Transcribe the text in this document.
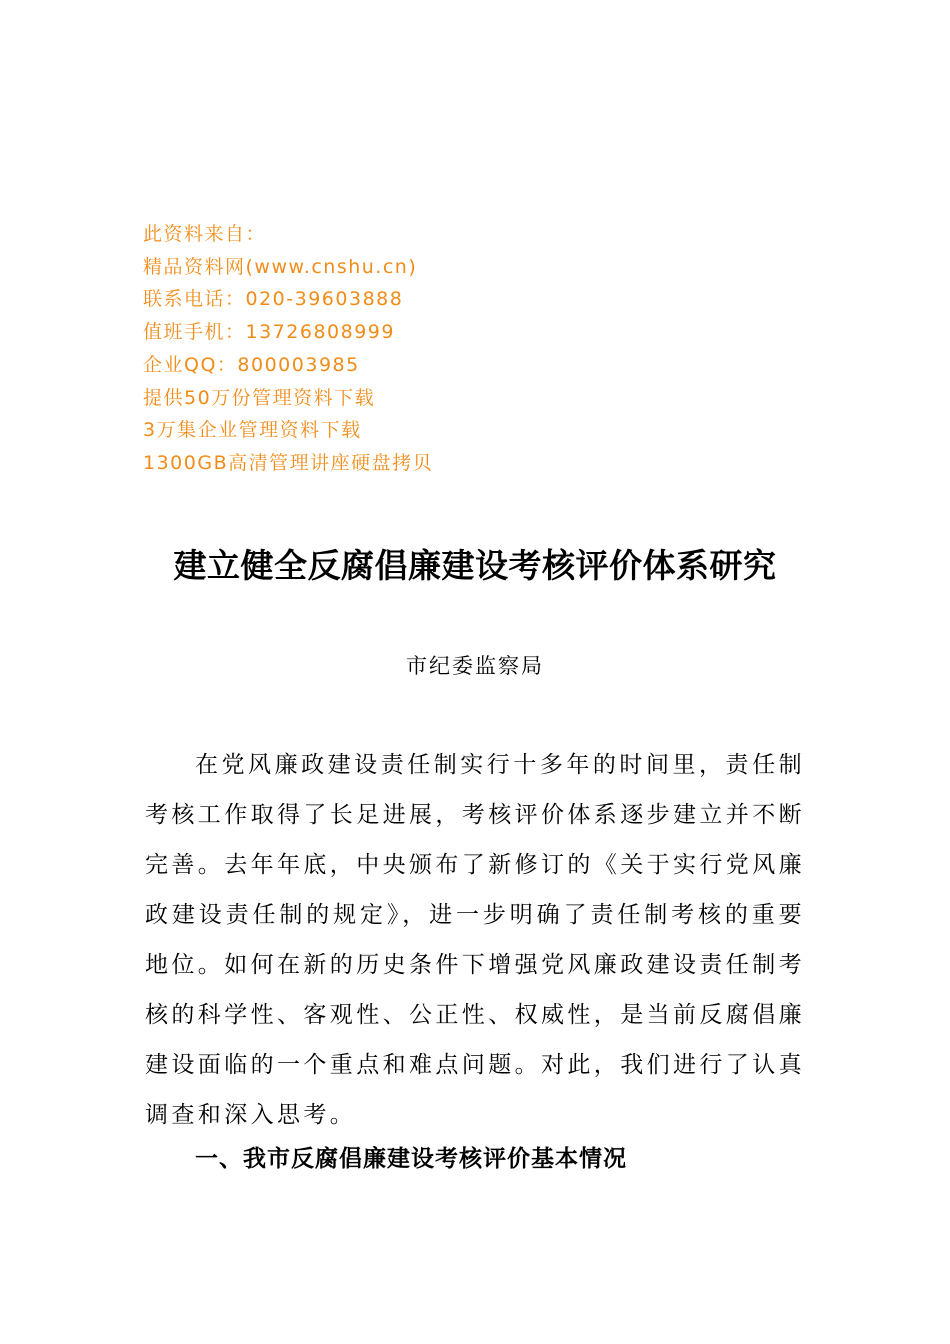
此资料来自：
精品资料网(www.cnshu.cn)
联系电话：020-39603888
值班手机：13726808999
企业QQ：800003985
提供50万份管理资料下载
3万集企业管理资料下载
1300GB高清管理讲座硬盘拷贝
建立健全反腐倡廉建设考核评价体系研究
市纪委监察局

在党风廉政建设责任制实行十多年的时间里，责任制考核工作取得了长足进展，考核评价体系逐步建立并不断完善。去年年底，中央颁布了新修订的《关于实行党风廉政建设责任制的规定》，进一步明确了责任制考核的重要地位。如何在新的历史条件下增强党风廉政建设责任制考核的科学性、客观性、公正性、权威性，是当前反腐倡廉建设面临的一个重点和难点问题。对此，我们进行了认真调查和深入思考。

一、我市反腐倡廉建设考核评价基本情况
